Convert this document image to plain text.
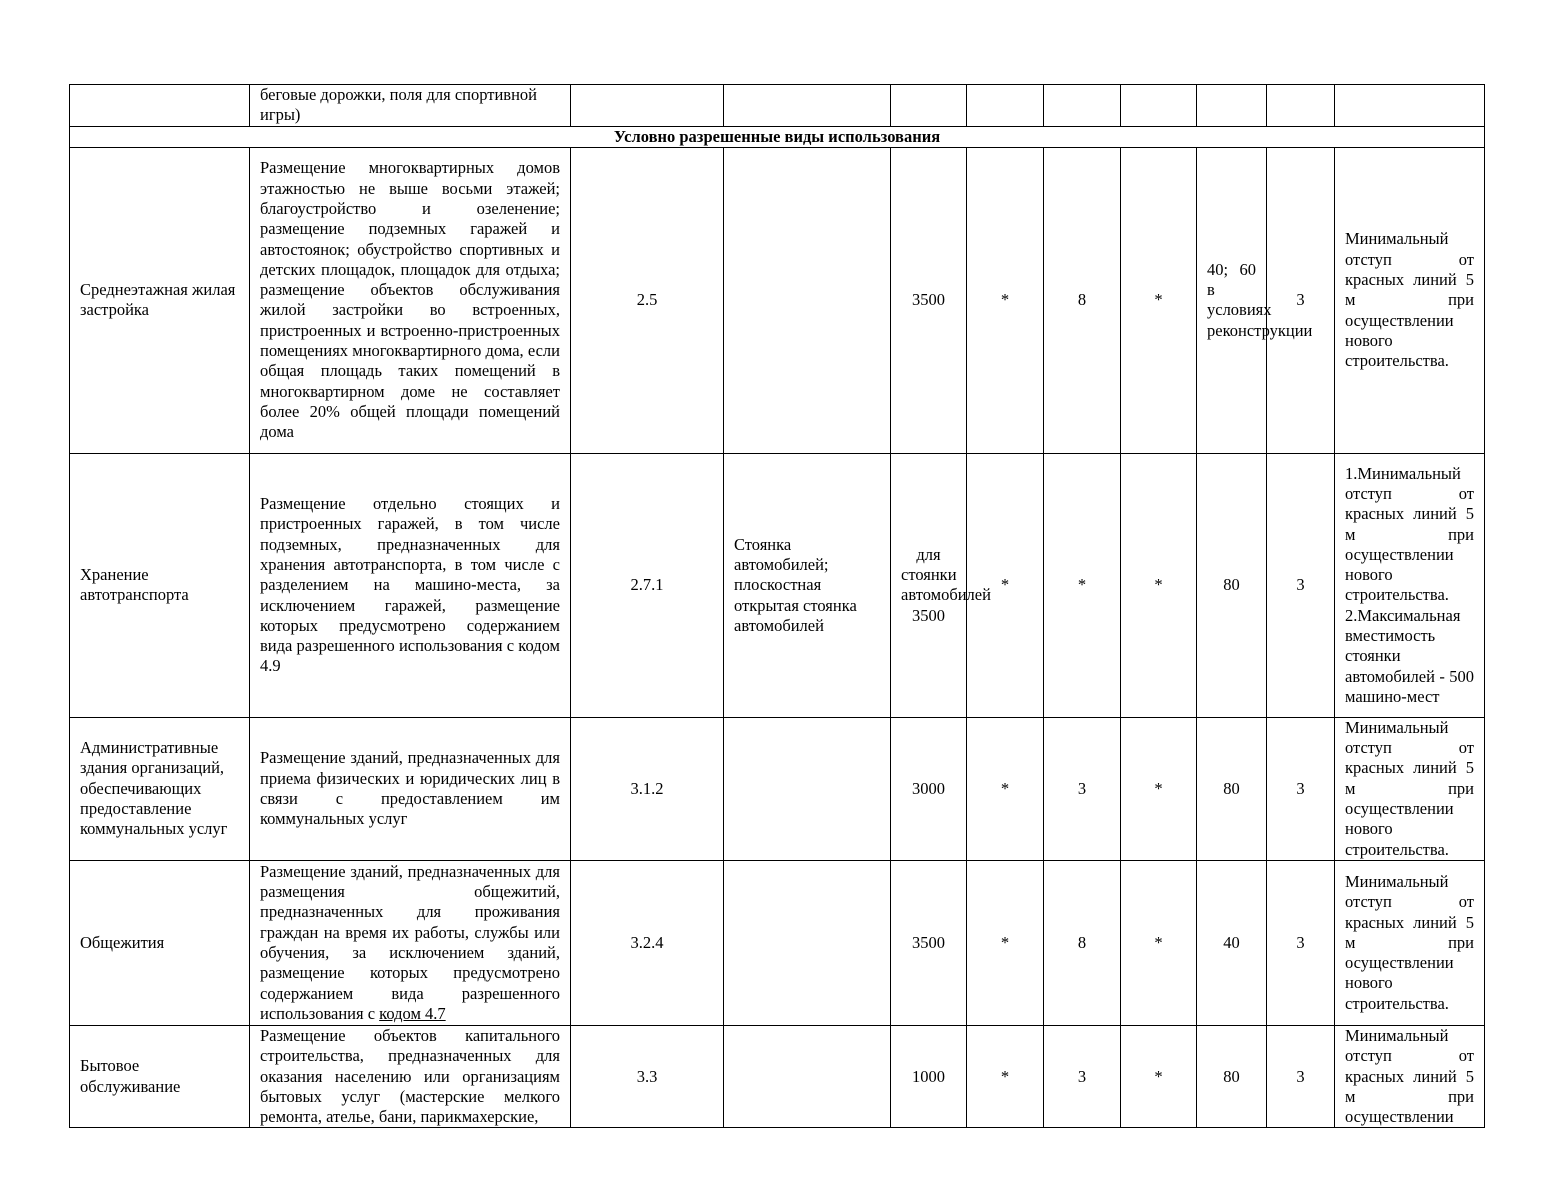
	беговые дорожки, поля для спортивной игры)									
Условно разрешенные виды использования										
Среднеэтажная жилая застройка	Размещение многоквартирных домов этажностью не выше восьми этажей; благоустройство и озеленение; размещение подземных гаражей и автостоянок; обустройство спортивных и детских площадок, площадок для отдыха; размещение объектов обслуживания жилой застройки во встроенных, пристроенных и встроенно-пристроенных помещениях многоквартирного дома, если общая площадь таких помещений в многоквартирном доме не составляет более 20% общей площади помещений дома	2.5		3500	*	8	*	40; 60 в условиях реконструкции	3	Минимальный отступ от красных линий 5 м при осуществлении нового строительства.
Хранение автотранспорта	Размещение отдельно стоящих и пристроенных гаражей, в том числе подземных, предназначенных для хранения автотранспорта, в том числе с разделением на машино-места, за исключением гаражей, размещение которых предусмотрено содержанием вида разрешенного использования с кодом 4.9	2.7.1	Стоянка автомобилей; плоскостная открытая стоянка автомобилей	для стоянки автомобилей 3500	*	*	*	80	3	1.Минимальный отступ от красных линий 5 м при осуществлении нового строительства. 2.Максимальная вместимость стоянки автомобилей - 500 машино-мест
Административные здания организаций, обеспечивающих предоставление коммунальных услуг	Размещение зданий, предназначенных для приема физических и юридических лиц в связи с предоставлением им коммунальных услуг	3.1.2		3000	*	3	*	80	3	Минимальный отступ от красных линий 5 м при осуществлении нового строительства.
Общежития	Размещение зданий, предназначенных для размещения общежитий, предназначенных для проживания граждан на время их работы, службы или обучения, за исключением зданий, размещение которых предусмотрено содержанием вида разрешенного использования с кодом 4.7	3.2.4		3500	*	8	*	40	3	Минимальный отступ от красных линий 5 м при осуществлении нового строительства.
Бытовое обслуживание	Размещение объектов капитального строительства, предназначенных для оказания населению или организациям бытовых услуг (мастерские мелкого ремонта, ателье, бани, парикмахерские,	3.3		1000	*	3	*	80	3	Минимальный отступ от красных линий 5 м при осуществлении
